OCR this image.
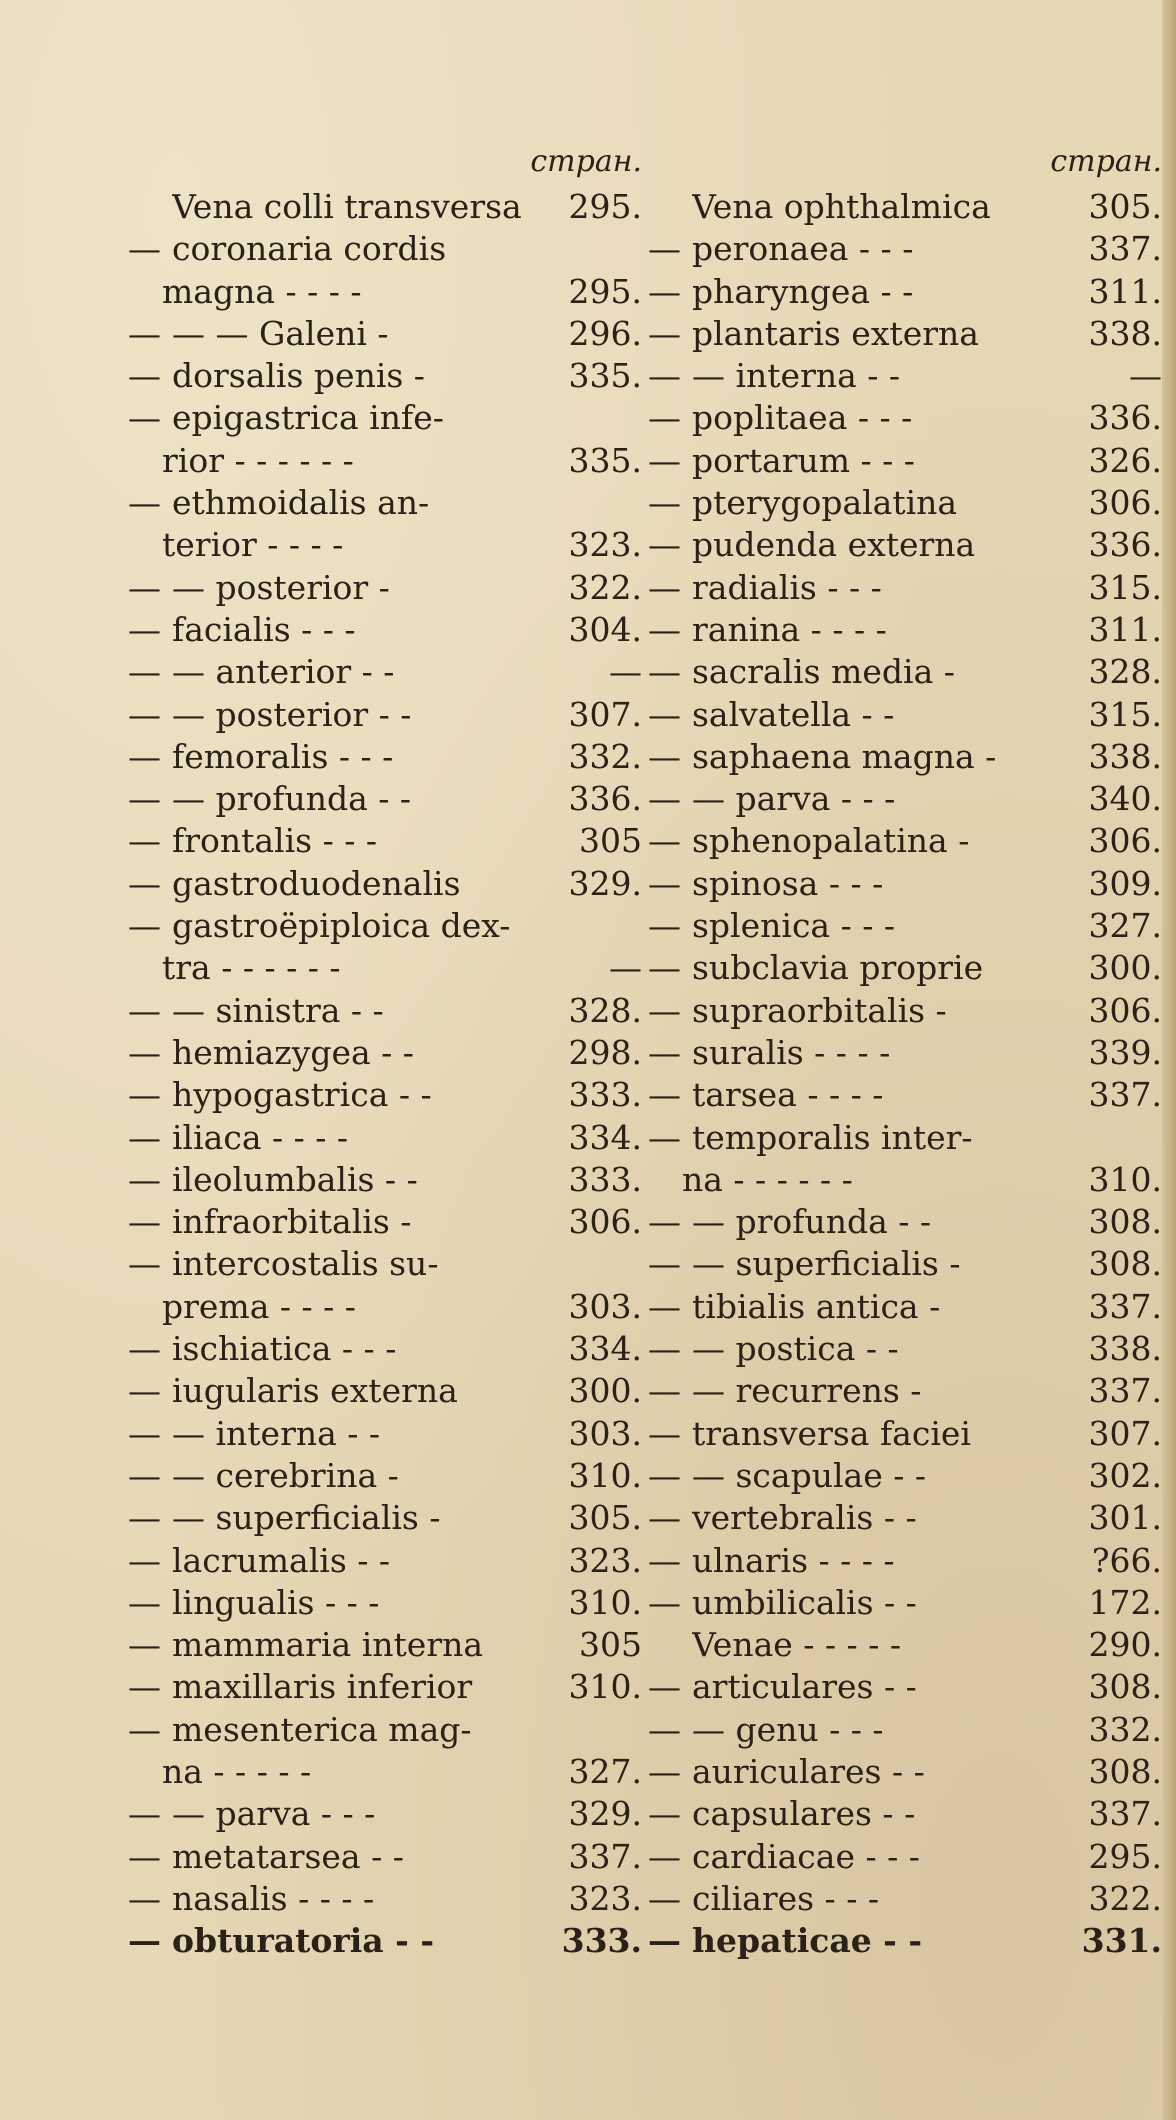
стран.
Vena colli transversa	295.
— coronaria cordis
magna - - - -	295.
— — — Galeni -	296.
— dorsalis penis -	335.
— epigastrica infe-
rior - - - - - -	335.
— ethmoidalis an-
terior - - - -	323.
— — posterior -	322.
— facialis - - -	304.
— — anterior - -	—
— — posterior - -	307.
— femoralis - - -	332.
— — profunda - -	336.
— frontalis - - -	305
— gastroduodenalis	329.
— gastroëpiploica dex-
tra - - - - - -	—
— — sinistra - -	328.
— hemiazygea - -	298.
— hypogastrica - -	333.
— iliaca - - - -	334.
— ileolumbalis - -	333.
— infraorbitalis -	306.
— intercostalis su-
prema - - - -	303.
— ischiatica - - -	334.
— iugularis externa	300.
— — interna - -	303.
— — cerebrina -	310.
— — superficialis -	305.
— lacrumalis - -	323.
— lingualis - - -	310.
— mammaria interna	305
— maxillaris inferior	310.
— mesenterica mag-
na - - - - -	327.
— — parva - - -	329.
— metatarsea - -	337.
— nasalis - - - -	323.
— obturatoria - -	333.
стран.
Vena ophthalmica	305.
— peronaea - - -	337.
— pharyngea - -	311.
— plantaris externa	338.
— — interna - -	—
— poplitaea - - -	336.
— portarum - - -	326.
— pterygopalatina	306.
— pudenda externa	336.
— radialis - - -	315.
— ranina - - - -	311.
— sacralis media -	328.
— salvatella - -	315.
— saphaena magna -	338.
— — parva - - -	340.
— sphenopalatina -	306.
— spinosa - - -	309.
— splenica - - -	327.
— subclavia proprie	300.
— supraorbitalis -	306.
— suralis - - - -	339.
— tarsea - - - -	337.
— temporalis inter-
na - - - - - -	310.
— — profunda - -	308.
— — superficialis -	308.
— tibialis antica -	337.
— — postica - -	338.
— — recurrens -	337.
— transversa faciei	307.
— — scapulae - -	302.
— vertebralis - -	301.
— ulnaris - - - -	?66.
— umbilicalis - -	172.
Venae - - - - -	290.
— articulares - -	308.
— — genu - - -	332.
— auriculares - -	308.
— capsulares - -	337.
— cardiacae - - -	295.
— ciliares - - -	322.
— hepaticae - -	331.
